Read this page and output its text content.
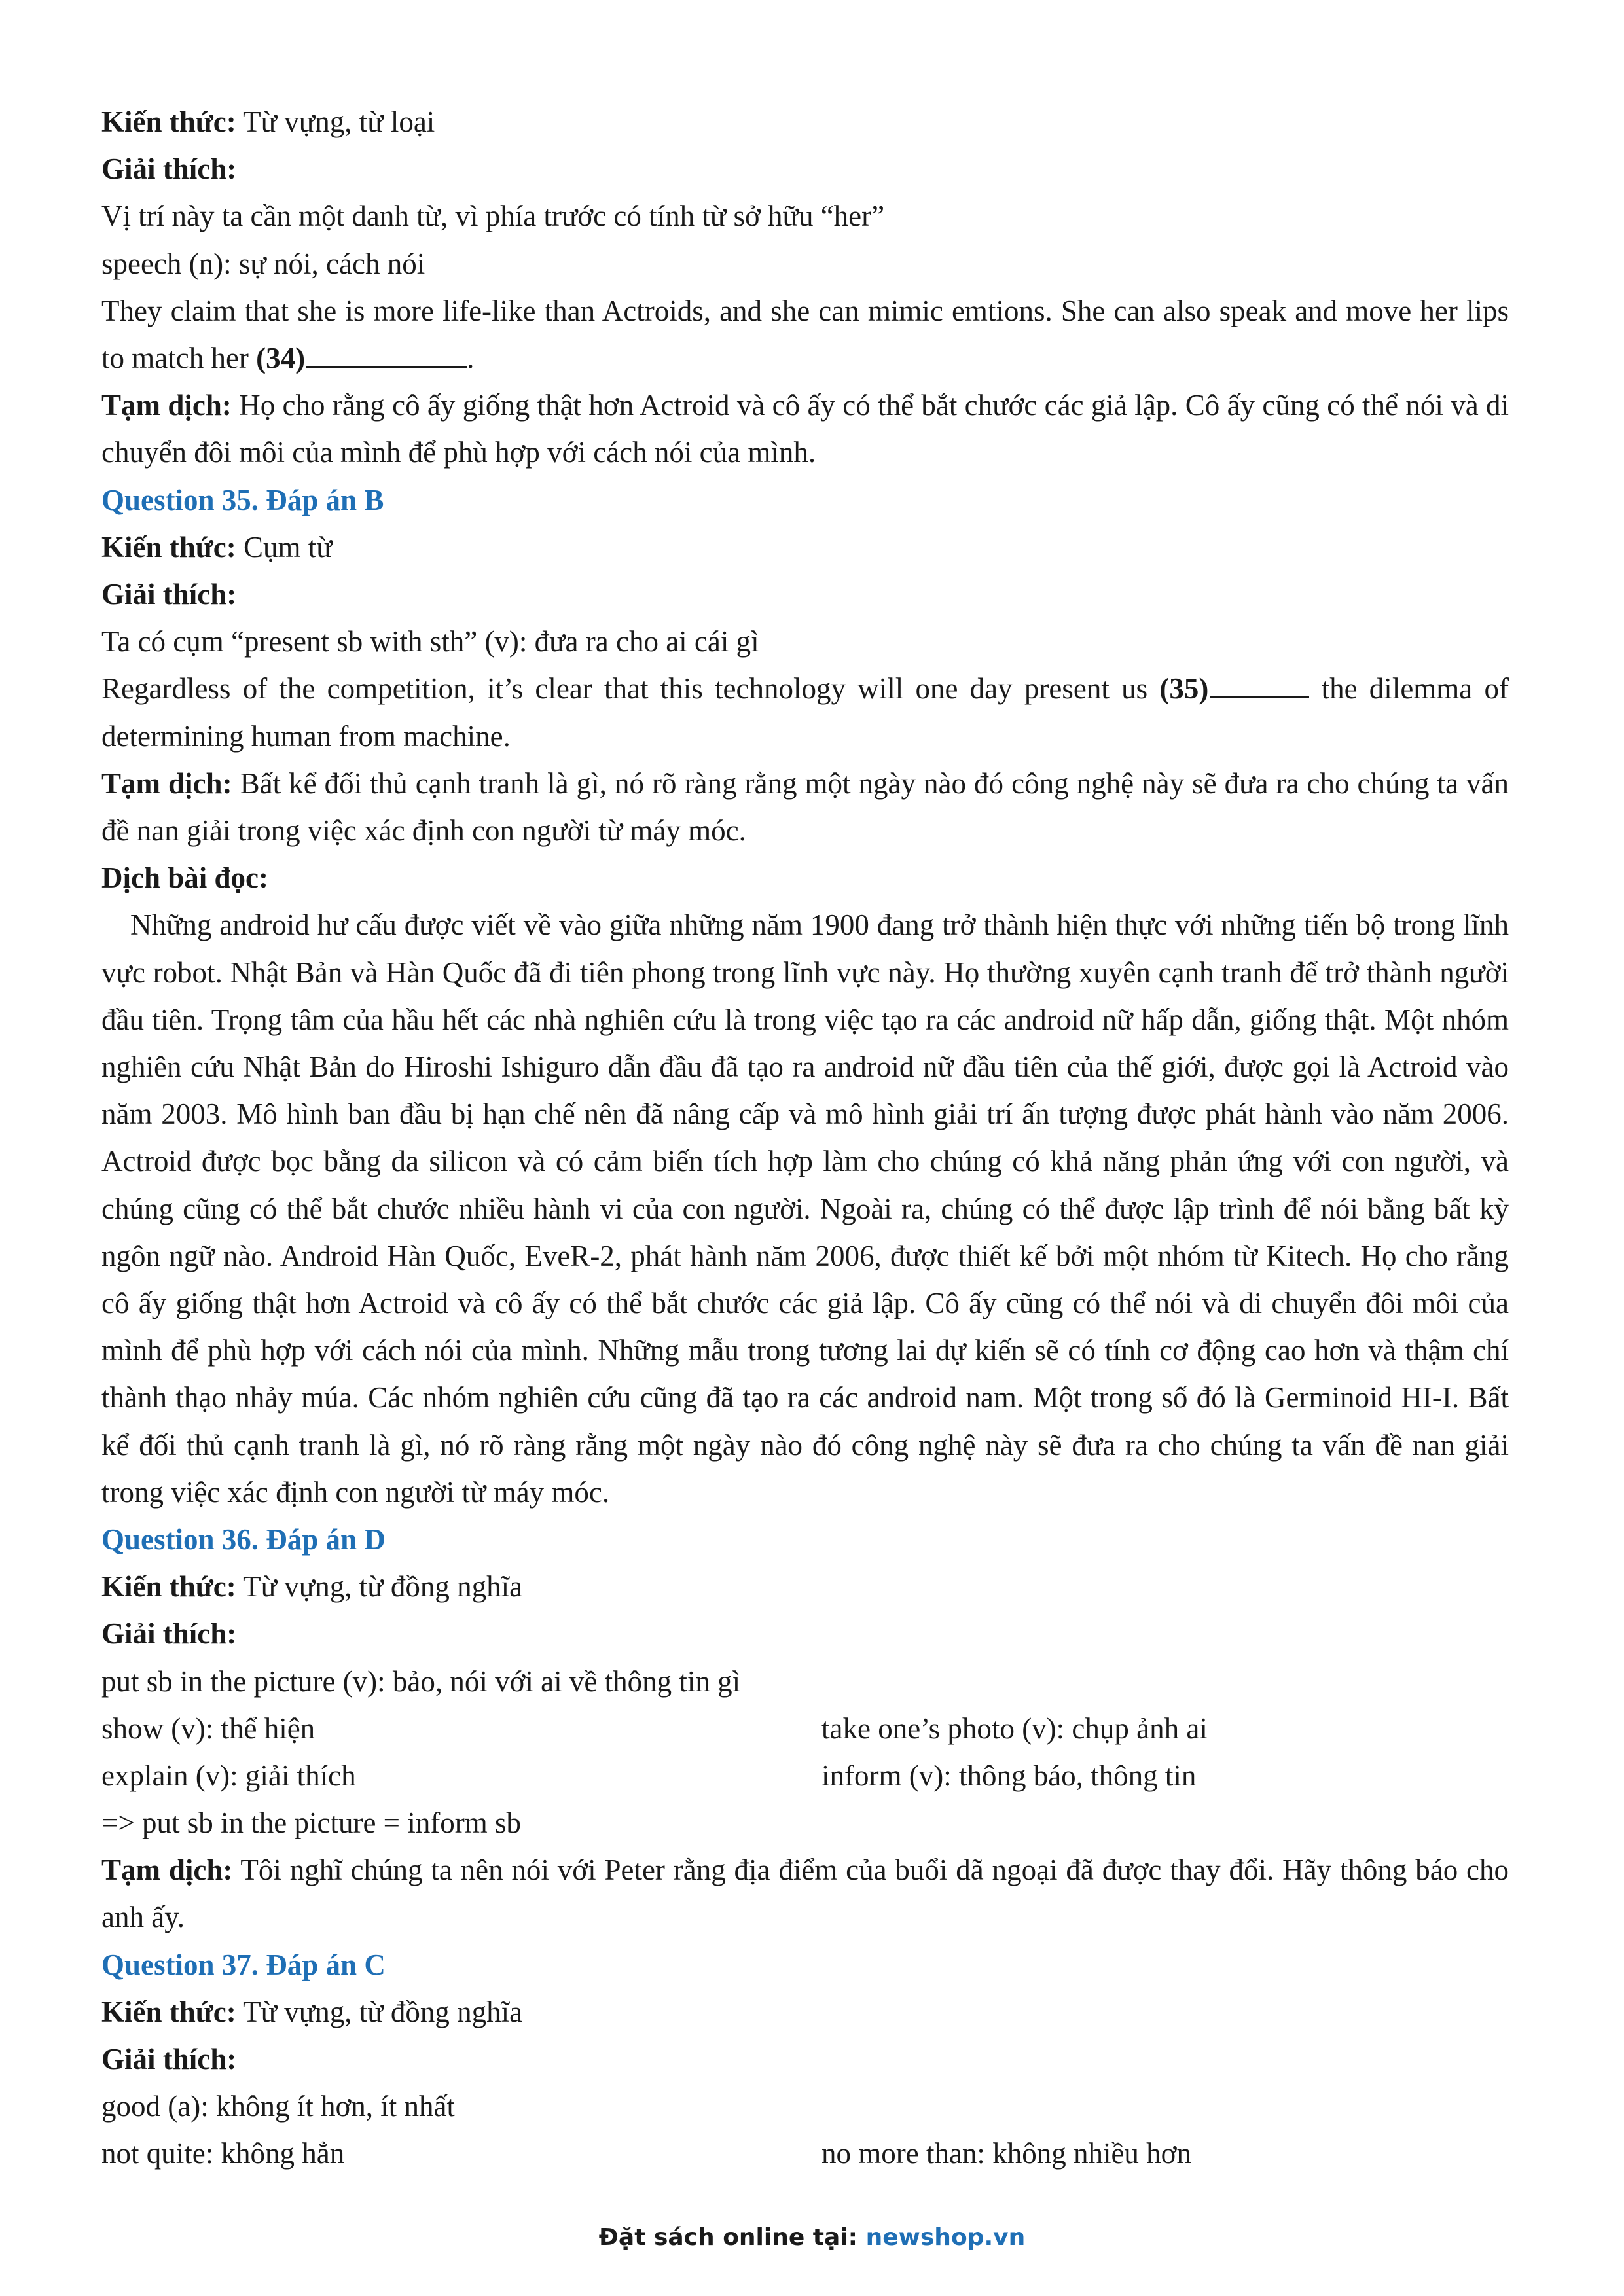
Kiến thức: Từ vựng, từ loại
Giải thích:
Vị trí này ta cần một danh từ, vì phía trước có tính từ sở hữu “her”
speech (n): sự nói, cách nói

They claim that she is more life-like than Actroids, and she can mimic emtions. She can also speak and move her lips to match her (34)	.

Tạm dịch: Họ cho rằng cô ấy giống thật hơn Actroid và cô ấy có thể bắt chước các giả lập. Cô ấy cũng có thể nói và di chuyển đôi môi của mình để phù hợp với cách nói của mình.

Question 35. Đáp án B
Kiến thức: Cụm từ
Giải thích:
Ta có cụm “present sb with sth” (v): đưa ra cho ai cái gì

Regardless of the competition, it’s clear that this technology will one day present us (35)	the dilemma of determining human from machine.

Tạm dịch: Bất kể đối thủ cạnh tranh là gì, nó rõ ràng rằng một ngày nào đó công nghệ này sẽ đưa ra cho chúng ta vấn đề nan giải trong việc xác định con người từ máy móc.

Dịch bài đọc:

Những android hư cấu được viết về vào giữa những năm 1900 đang trở thành hiện thực với những tiến bộ trong lĩnh vực robot. Nhật Bản và Hàn Quốc đã đi tiên phong trong lĩnh vực này. Họ thường xuyên cạnh tranh để trở thành người đầu tiên. Trọng tâm của hầu hết các nhà nghiên cứu là trong việc tạo ra các android nữ hấp dẫn, giống thật. Một nhóm nghiên cứu Nhật Bản do Hiroshi Ishiguro dẫn đầu đã tạo ra android nữ đầu tiên của thế giới, được gọi là Actroid vào năm 2003. Mô hình ban đầu bị hạn chế nên đã nâng cấp và mô hình giải trí ấn tượng được phát hành vào năm 2006. Actroid được bọc bằng da silicon và có cảm biến tích hợp làm cho chúng có khả năng phản ứng với con người, và chúng cũng có thể bắt chước nhiều hành vi của con người. Ngoài ra, chúng có thể được lập trình để nói bằng bất kỳ ngôn ngữ nào. Android Hàn Quốc, EveR-2, phát hành năm 2006, được thiết kế bởi một nhóm từ Kitech. Họ cho rằng cô ấy giống thật hơn Actroid và cô ấy có thể bắt chước các giả lập. Cô ấy cũng có thể nói và di chuyển đôi môi của mình để phù hợp với cách nói của mình. Những mẫu trong tương lai dự kiến sẽ có tính cơ động cao hơn và thậm chí thành thạo nhảy múa. Các nhóm nghiên cứu cũng đã tạo ra các android nam. Một trong số đó là Germinoid HI-I. Bất kể đối thủ cạnh tranh là gì, nó rõ ràng rằng một ngày nào đó công nghệ này sẽ đưa ra cho chúng ta vấn đề nan giải trong việc xác định con người từ máy móc.

Question 36. Đáp án D
Kiến thức: Từ vựng, từ đồng nghĩa
Giải thích:
put sb in the picture (v): bảo, nói với ai về thông tin gì
show (v): thể hiện	take one’s photo (v): chụp ảnh ai
explain (v): giải thích	inform (v): thông báo, thông tin
=> put sb in the picture = inform sb

Tạm dịch: Tôi nghĩ chúng ta nên nói với Peter rằng địa điểm của buổi dã ngoại đã được thay đổi. Hãy thông báo cho anh ấy.

Question 37. Đáp án C
Kiến thức: Từ vựng, từ đồng nghĩa
Giải thích:
good (a): không ít hơn, ít nhất
not quite: không hẳn	no more than: không nhiều hơn
Đặt sách online tại: newshop.vn
